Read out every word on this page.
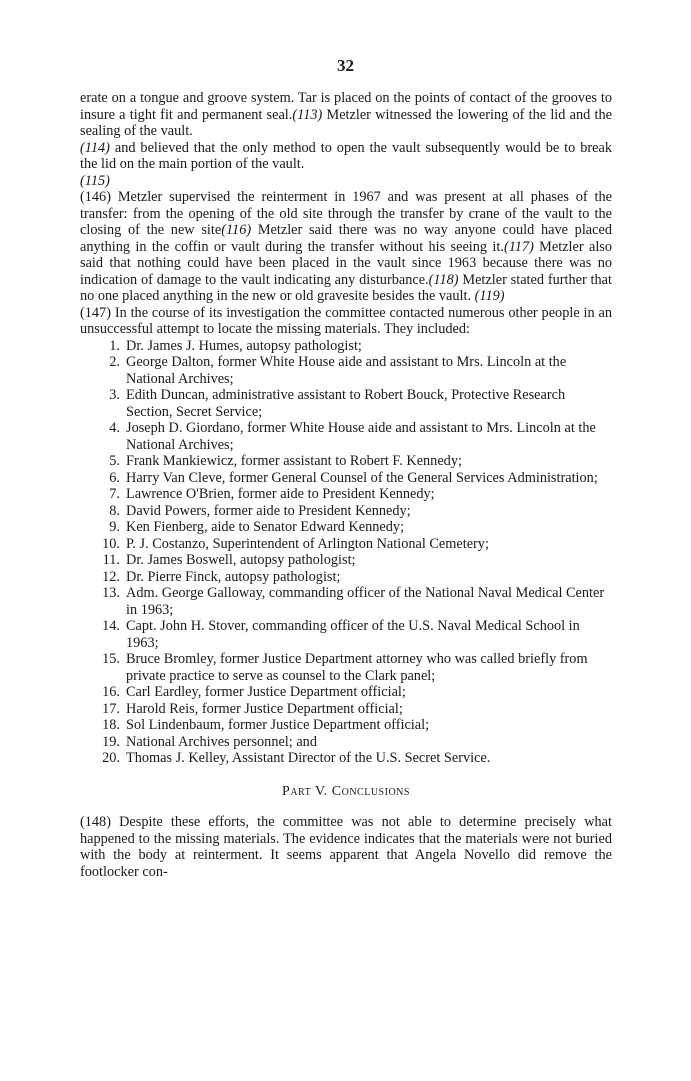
32

erate on a tongue and groove system. Tar is placed on the points of contact of the grooves to insure a tight fit and permanent seal.(113) Metzler witnessed the lowering of the lid and the sealing of the vault.
(114) and believed that the only method to open the vault subsequently would be to break the lid on the main portion of the vault.
(115)

(146) Metzler supervised the reinterment in 1967 and was present at all phases of the transfer: from the opening of the old site through the transfer by crane of the vault to the closing of the new site(116) Metzler said there was no way anyone could have placed anything in the coffin or vault during the transfer without his seeing it.(117) Metzler also said that nothing could have been placed in the vault since 1963 because there was no indication of damage to the vault indicating any disturbance.(118) Metzler stated further that no one placed anything in the new or old gravesite besides the vault. (119)

(147) In the course of its investigation the committee contacted numerous other people in an unsuccessful attempt to locate the missing materials. They included:

1. Dr. James J. Humes, autopsy pathologist;
2. George Dalton, former White House aide and assistant to Mrs. Lincoln at the National Archives;
3. Edith Duncan, administrative assistant to Robert Bouck, Protective Research Section, Secret Service;
4. Joseph D. Giordano, former White House aide and assistant to Mrs. Lincoln at the National Archives;
5. Frank Mankiewicz, former assistant to Robert F. Kennedy;
6. Harry Van Cleve, former General Counsel of the General Services Administration;
7. Lawrence O'Brien, former aide to President Kennedy;
8. David Powers, former aide to President Kennedy;
9. Ken Fienberg, aide to Senator Edward Kennedy;
10. P. J. Costanzo, Superintendent of Arlington National Cemetery;
11. Dr. James Boswell, autopsy pathologist;
12. Dr. Pierre Finck, autopsy pathologist;
13. Adm. George Galloway, commanding officer of the National Naval Medical Center in 1963;
14. Capt. John H. Stover, commanding officer of the U.S. Naval Medical School in 1963;
15. Bruce Bromley, former Justice Department attorney who was called briefly from private practice to serve as counsel to the Clark panel;
16. Carl Eardley, former Justice Department official;
17. Harold Reis, former Justice Department official;
18. Sol Lindenbaum, former Justice Department official;
19. National Archives personnel; and
20. Thomas J. Kelley, Assistant Director of the U.S. Secret Service.
Part V. Conclusions

(148) Despite these efforts, the committee was not able to determine precisely what happened to the missing materials. The evidence indicates that the materials were not buried with the body at reinterment. It seems apparent that Angela Novello did remove the footlocker con-
